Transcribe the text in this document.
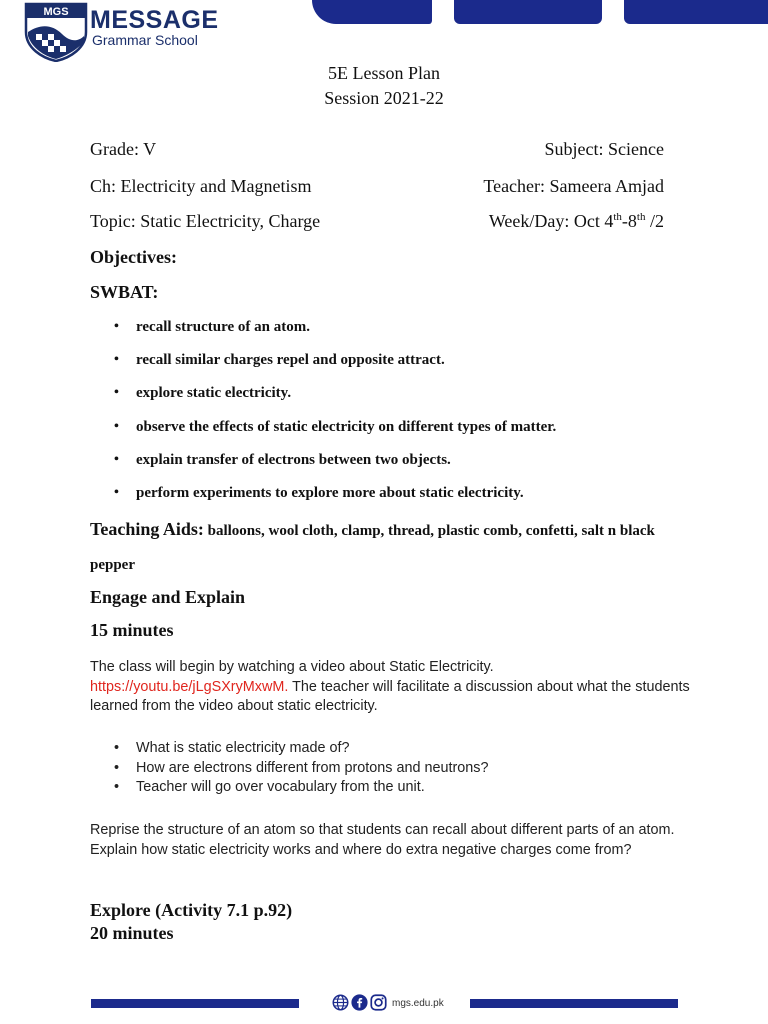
MGS MESSAGE
Grammar School
5E Lesson Plan
Session 2021-22
Grade: V	Subject: Science
Ch: Electricity and Magnetism	Teacher: Sameera Amjad
Topic: Static Electricity, Charge	Week/Day: Oct 4th-8th /2
Objectives:
SWBAT:
• recall structure of an atom.
• recall similar charges repel and opposite attract.
• explore static electricity.
• observe the effects of static electricity on different types of matter.
• explain transfer of electrons between two objects.
• perform experiments to explore more about static electricity.
Teaching Aids: balloons, wool cloth, clamp, thread, plastic comb, confetti, salt n black pepper
Engage and Explain
15 minutes
The class will begin by watching a video about Static Electricity.
https://youtu.be/jLgSXryMxwM. The teacher will facilitate a discussion about what the students learned from the video about static electricity.
• What is static electricity made of?
• How are electrons different from protons and neutrons?
• Teacher will go over vocabulary from the unit.
Reprise the structure of an atom so that students can recall about different parts of an atom. Explain how static electricity works and where do extra negative charges come from?
Explore (Activity 7.1 p.92)
20 minutes
mgs.edu.pk
